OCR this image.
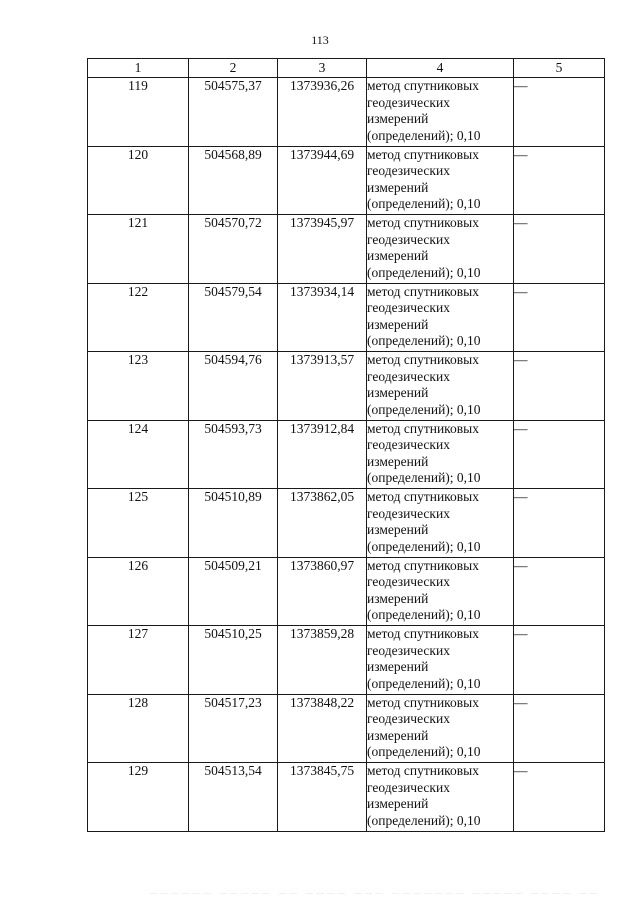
113
1	2	3	4	5
119	504575,37	1373936,26	метод спутниковых
геодезических
измерений
(определений); 0,10	—
120	504568,89	1373944,69	метод спутниковых
геодезических
измерений
(определений); 0,10	—
121	504570,72	1373945,97	метод спутниковых
геодезических
измерений
(определений); 0,10	—
122	504579,54	1373934,14	метод спутниковых
геодезических
измерений
(определений); 0,10	—
123	504594,76	1373913,57	метод спутниковых
геодезических
измерений
(определений); 0,10	—
124	504593,73	1373912,84	метод спутниковых
геодезических
измерений
(определений); 0,10	—
125	504510,89	1373862,05	метод спутниковых
геодезических
измерений
(определений); 0,10	—
126	504509,21	1373860,97	метод спутниковых
геодезических
измерений
(определений); 0,10	—
127	504510,25	1373859,28	метод спутниковых
геодезических
измерений
(определений); 0,10	—
128	504517,23	1373848,22	метод спутниковых
геодезических
измерений
(определений); 0,10	—
129	504513,54	1373845,75	метод спутниковых
геодезических
измерений
(определений); 0,10	—
▔▔▔▔▔▔ ▔▔▔▔▔ ▔▔ ▔▔▔▔ ▔▔▔ ▔▔▔▔▔▔▔ ▔▔▔▔▔ ▔▔▔▔ ▔▔
